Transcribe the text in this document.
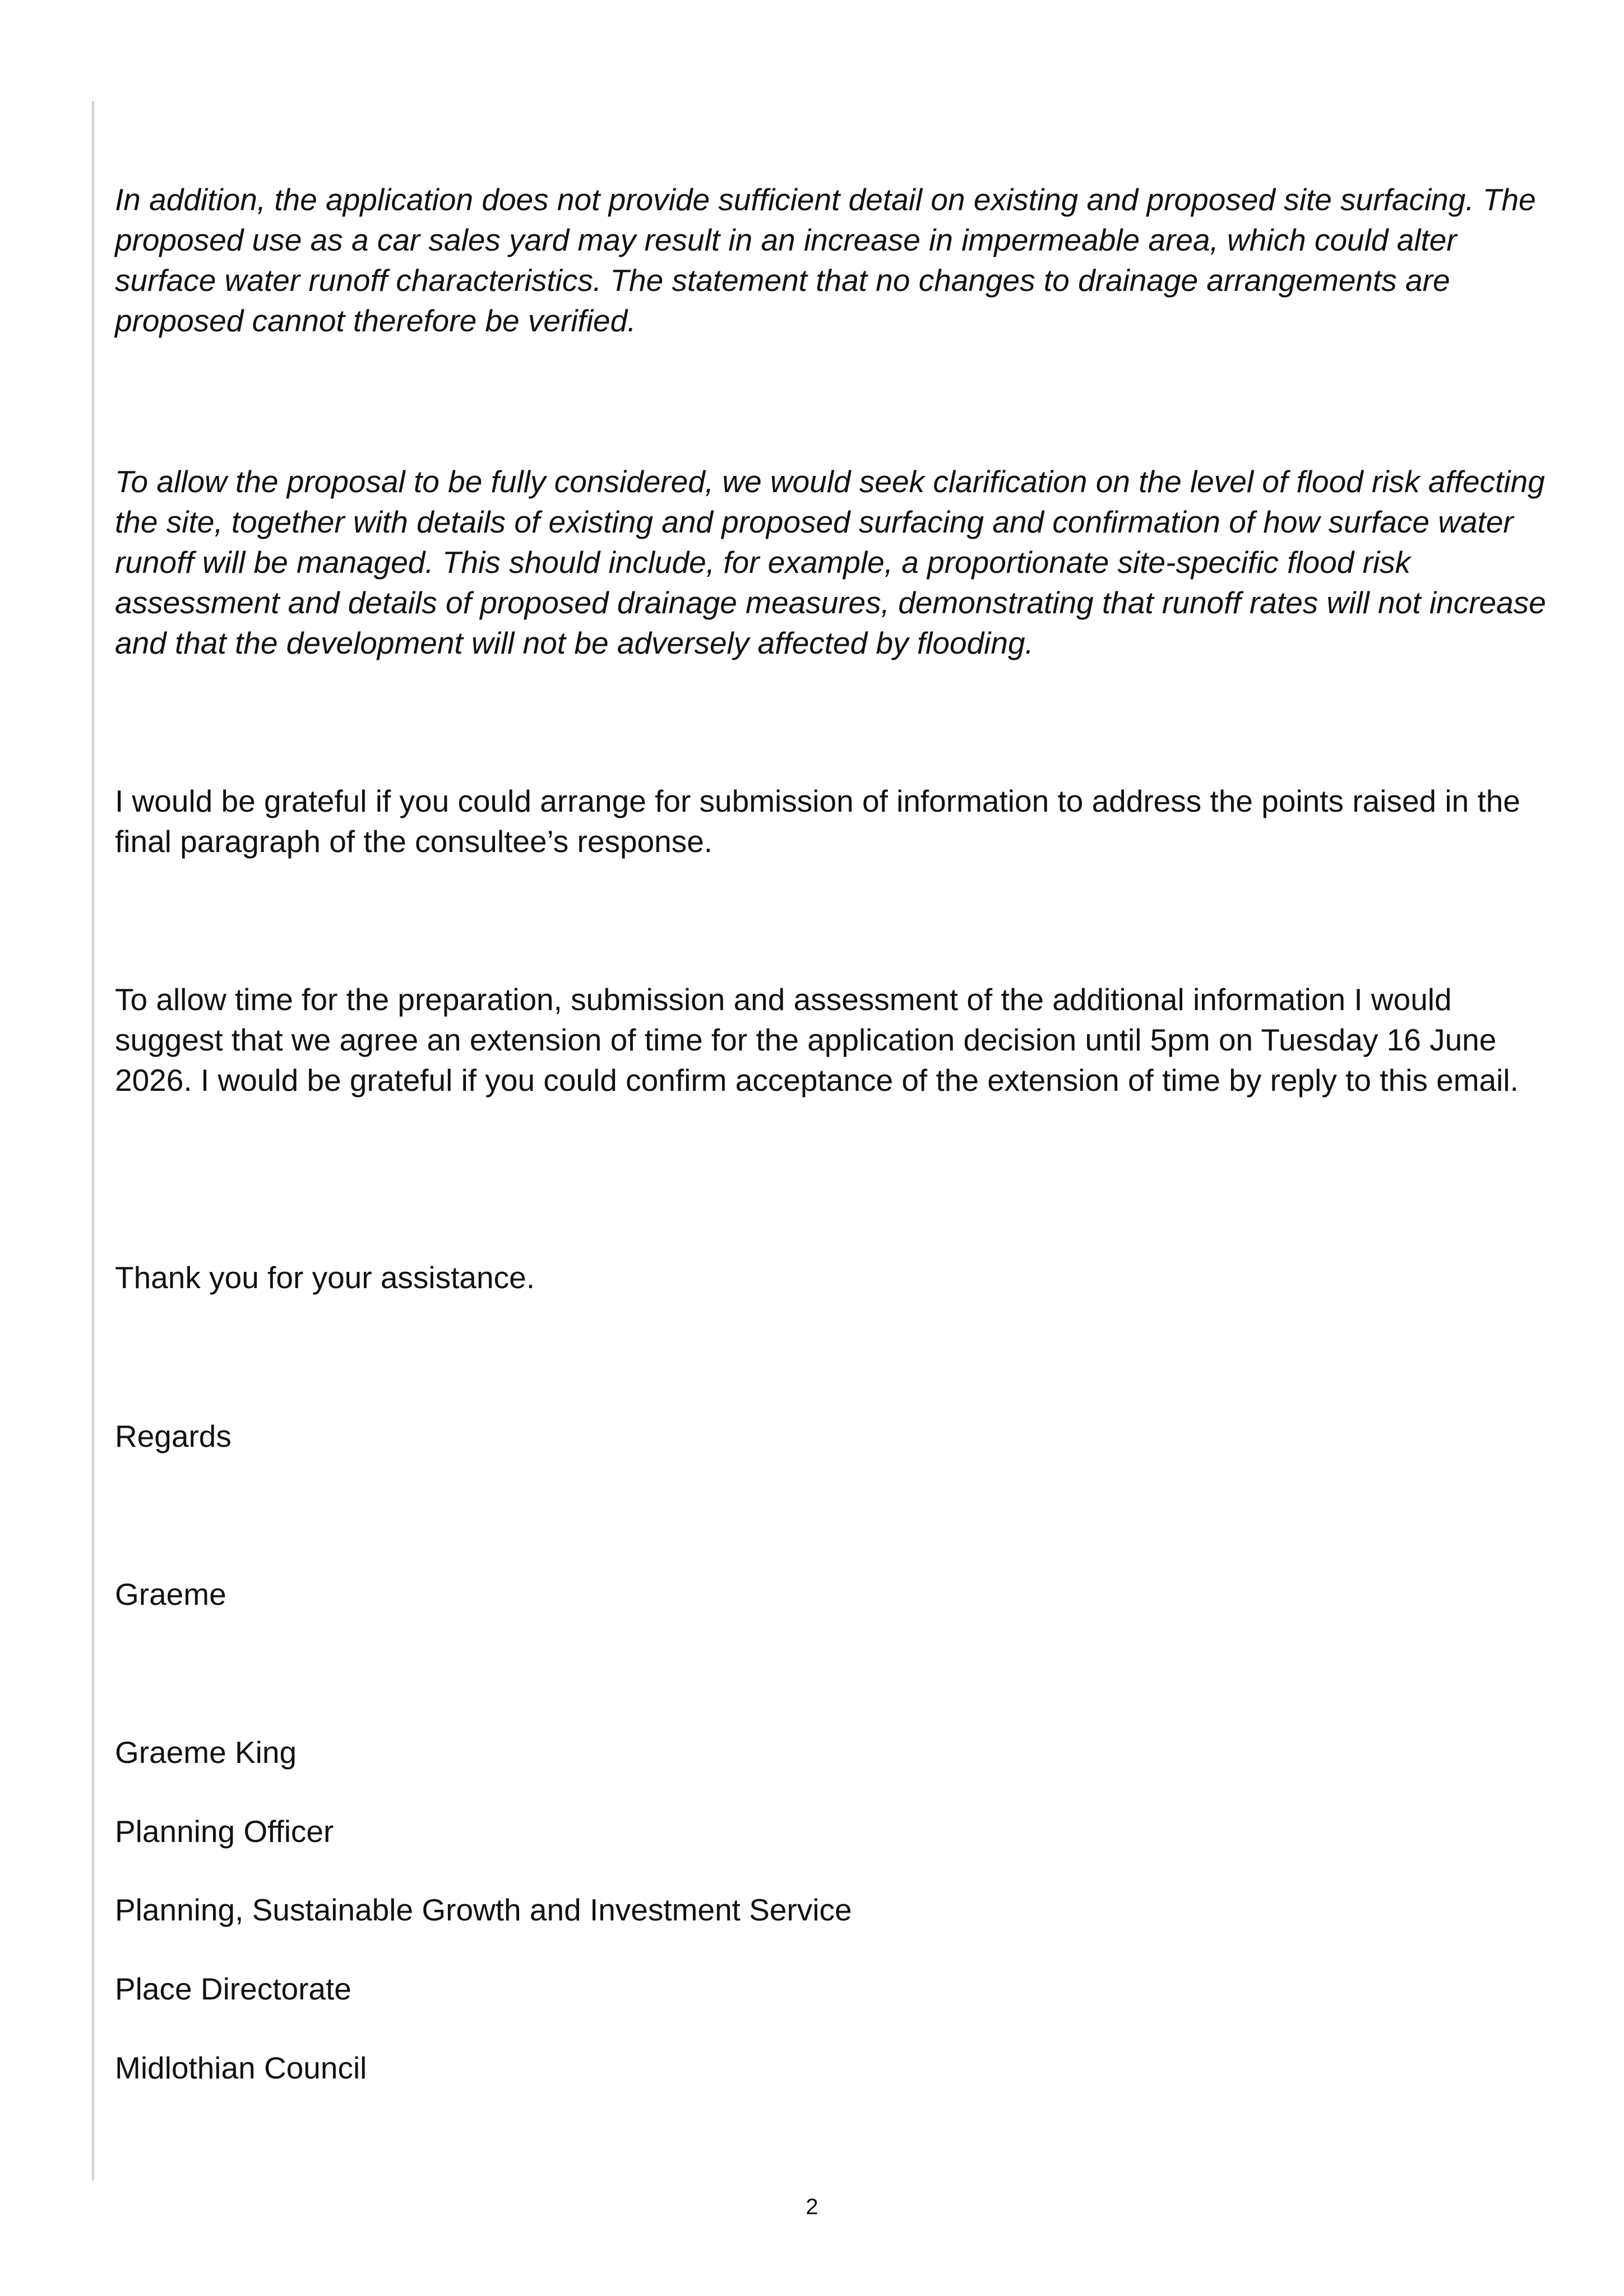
In addition, the application does not provide sufficient detail on existing and proposed site surfacing. The proposed use as a car sales yard may result in an increase in impermeable area, which could alter surface water runoff characteristics. The statement that no changes to drainage arrangements are proposed cannot therefore be verified.

To allow the proposal to be fully considered, we would seek clarification on the level of flood risk affecting the site, together with details of existing and proposed surfacing and confirmation of how surface water runoff will be managed. This should include, for example, a proportionate site-specific flood risk assessment and details of proposed drainage measures, demonstrating that runoff rates will not increase and that the development will not be adversely affected by flooding.

I would be grateful if you could arrange for submission of information to address the points raised in the final paragraph of the consultee’s response.

To allow time for the preparation, submission and assessment of the additional information I would suggest that we agree an extension of time for the application decision until 5pm on Tuesday 16 June 2026. I would be grateful if you could confirm acceptance of the extension of time by reply to this email.

Thank you for your assistance.

Regards

Graeme

Graeme King

Planning Officer

Planning, Sustainable Growth and Investment Service

Place Directorate

Midlothian Council

2
